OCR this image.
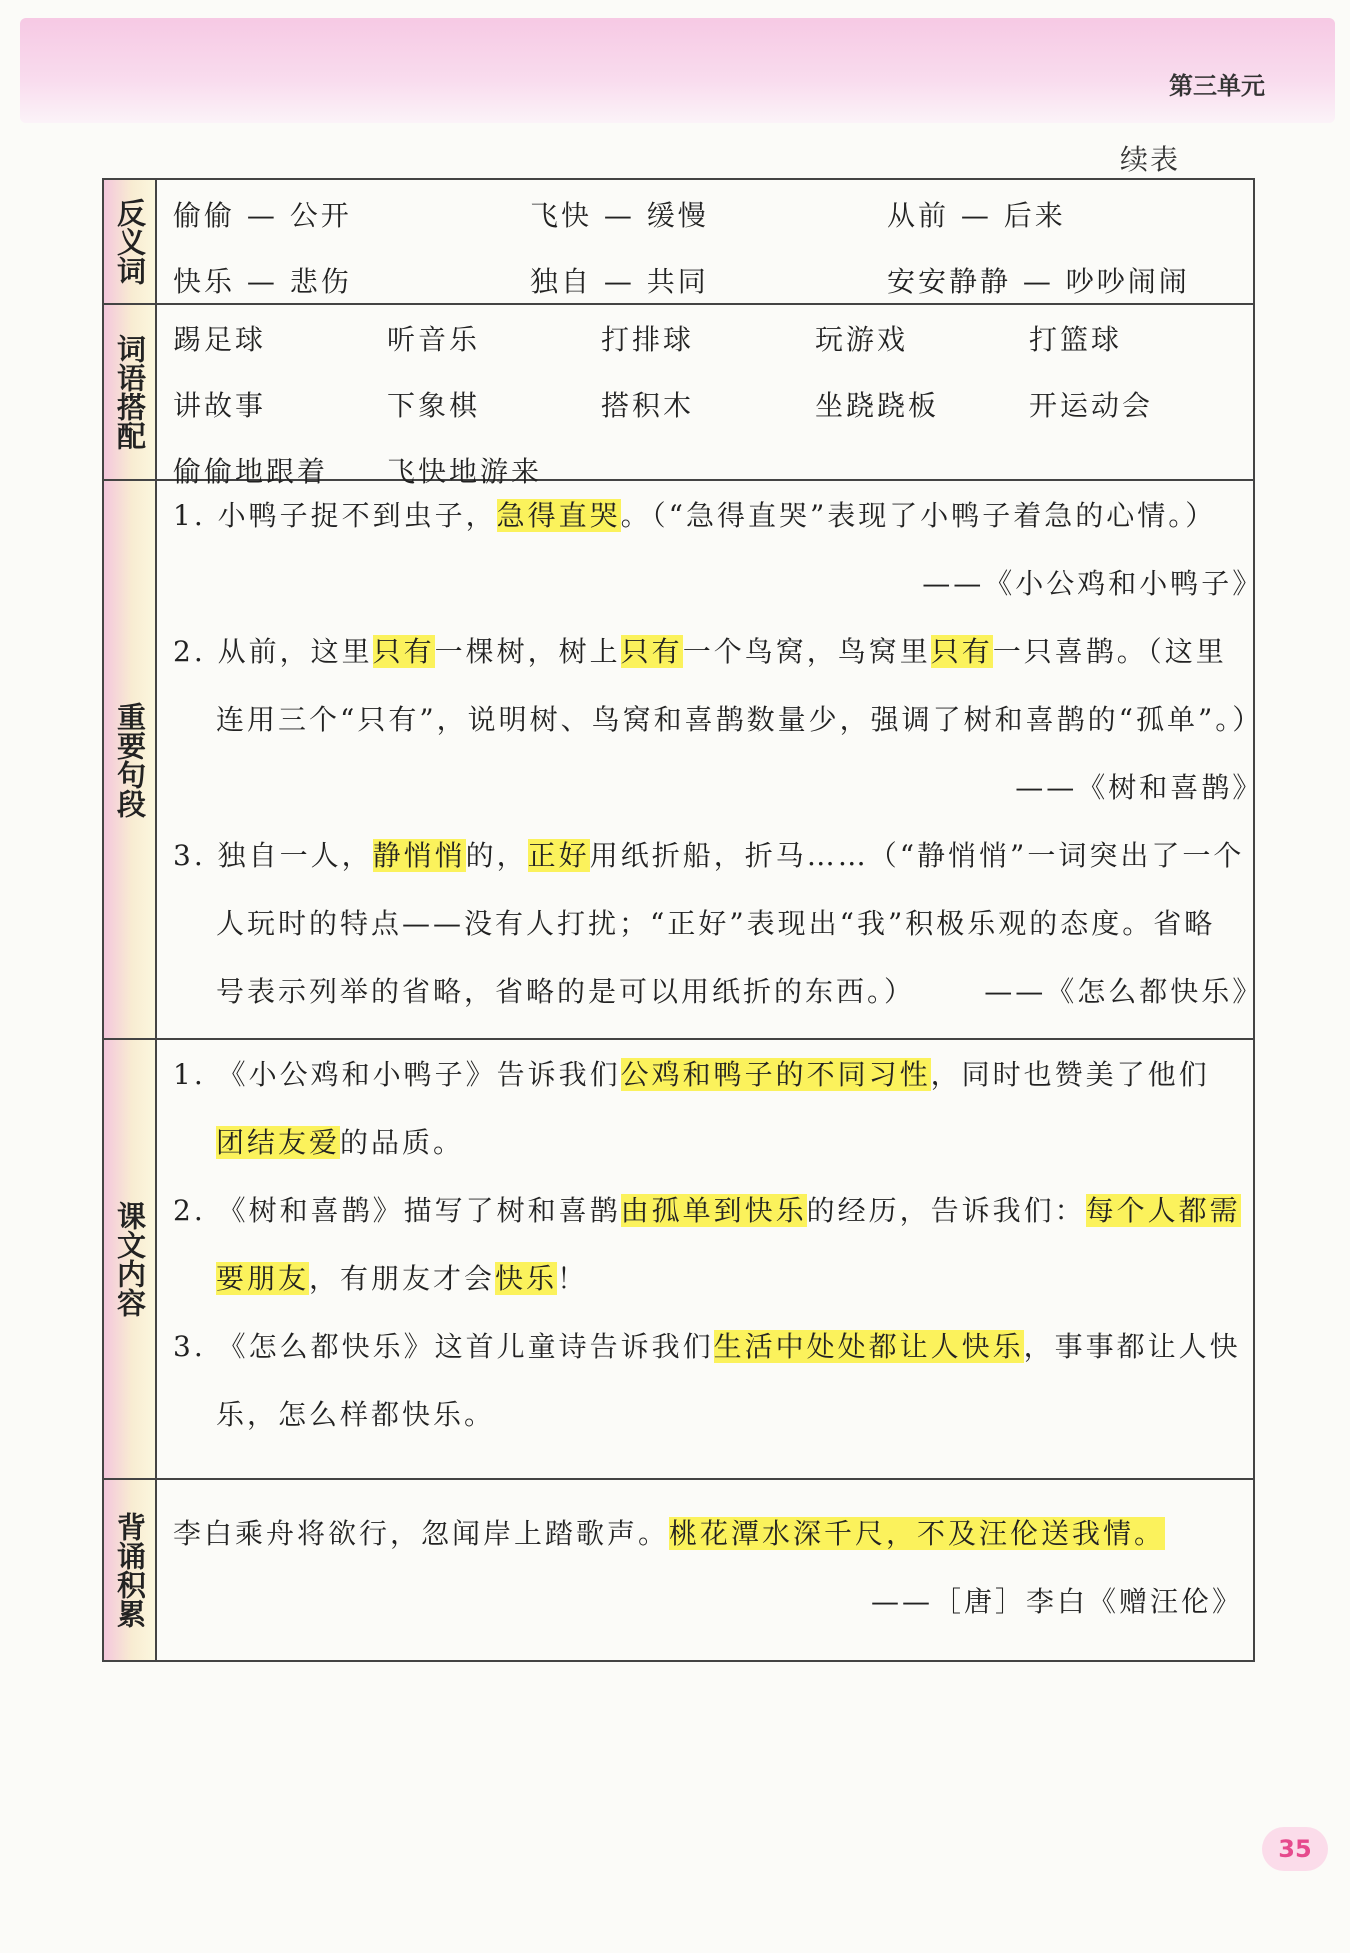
第三单元
续表
反义词 偷偷 — 公开	飞快 — 缓慢	从前 — 后来
快乐 — 悲伤	独自 — 共同	安安静静 — 吵吵闹闹
词语搭配 踢足球	听音乐	打排球	玩游戏	打篮球
讲故事	下象棋	搭积木	坐跷跷板	开运动会
偷偷地跟着	飞快地游来
重要句段
1. 小鸭子捉不到虫子，急得直哭。（“急得直哭”表现了小鸭子着急的心情。）
——《小公鸡和小鸭子》
2. 从前，这里只有一棵树，树上只有一个鸟窝，鸟窝里只有一只喜鹊。（这里
连用三个“只有”，说明树、鸟窝和喜鹊数量少，强调了树和喜鹊的“孤单”。）
——《树和喜鹊》
3. 独自一人，静悄悄的，正好用纸折船，折马……（“静悄悄”一词突出了一个
人玩时的特点——没有人打扰；“正好”表现出“我”积极乐观的态度。省略
号表示列举的省略，省略的是可以用纸折的东西。） ——《怎么都快乐》
课文内容
1. 《小公鸡和小鸭子》告诉我们公鸡和鸭子的不同习性，同时也赞美了他们
团结友爱的品质。
2. 《树和喜鹊》描写了树和喜鹊由孤单到快乐的经历，告诉我们：每个人都需
要朋友，有朋友才会快乐！
3. 《怎么都快乐》这首儿童诗告诉我们生活中处处都让人快乐，事事都让人快
乐，怎么样都快乐。
背诵积累 李白乘舟将欲行，忽闻岸上踏歌声。桃花潭水深千尺，不及汪伦送我情。
——［唐］李白《赠汪伦》
35
